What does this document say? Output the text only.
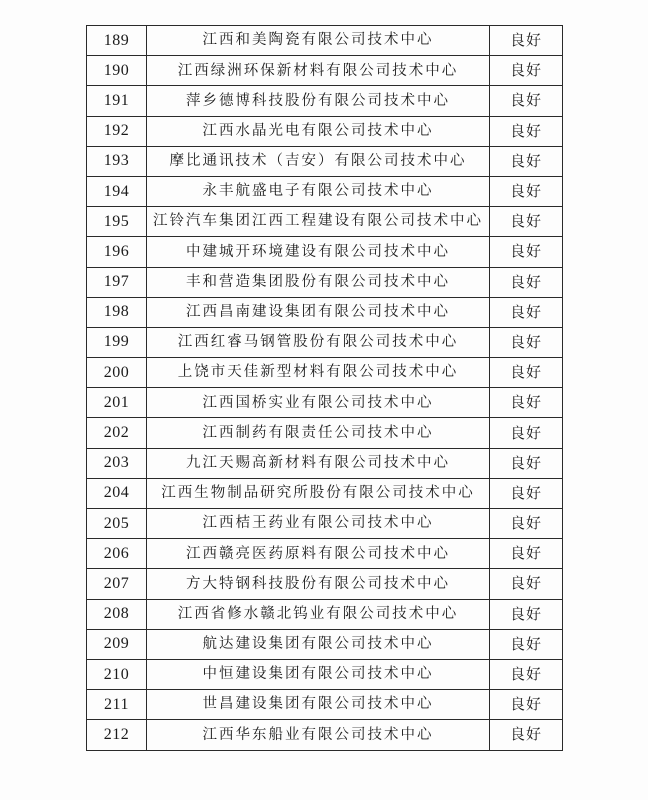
189	江西和美陶瓷有限公司技术中心	良好
190	江西绿洲环保新材料有限公司技术中心	良好
191	萍乡德博科技股份有限公司技术中心	良好
192	江西水晶光电有限公司技术中心	良好
193	摩比通讯技术（吉安）有限公司技术中心	良好
194	永丰航盛电子有限公司技术中心	良好
195	江铃汽车集团江西工程建设有限公司技术中心	良好
196	中建城开环境建设有限公司技术中心	良好
197	丰和营造集团股份有限公司技术中心	良好
198	江西昌南建设集团有限公司技术中心	良好
199	江西红睿马钢管股份有限公司技术中心	良好
200	上饶市天佳新型材料有限公司技术中心	良好
201	江西国桥实业有限公司技术中心	良好
202	江西制药有限责任公司技术中心	良好
203	九江天赐高新材料有限公司技术中心	良好
204	江西生物制品研究所股份有限公司技术中心	良好
205	江西桔王药业有限公司技术中心	良好
206	江西赣亮医药原料有限公司技术中心	良好
207	方大特钢科技股份有限公司技术中心	良好
208	江西省修水赣北钨业有限公司技术中心	良好
209	航达建设集团有限公司技术中心	良好
210	中恒建设集团有限公司技术中心	良好
211	世昌建设集团有限公司技术中心	良好
212	江西华东船业有限公司技术中心	良好
